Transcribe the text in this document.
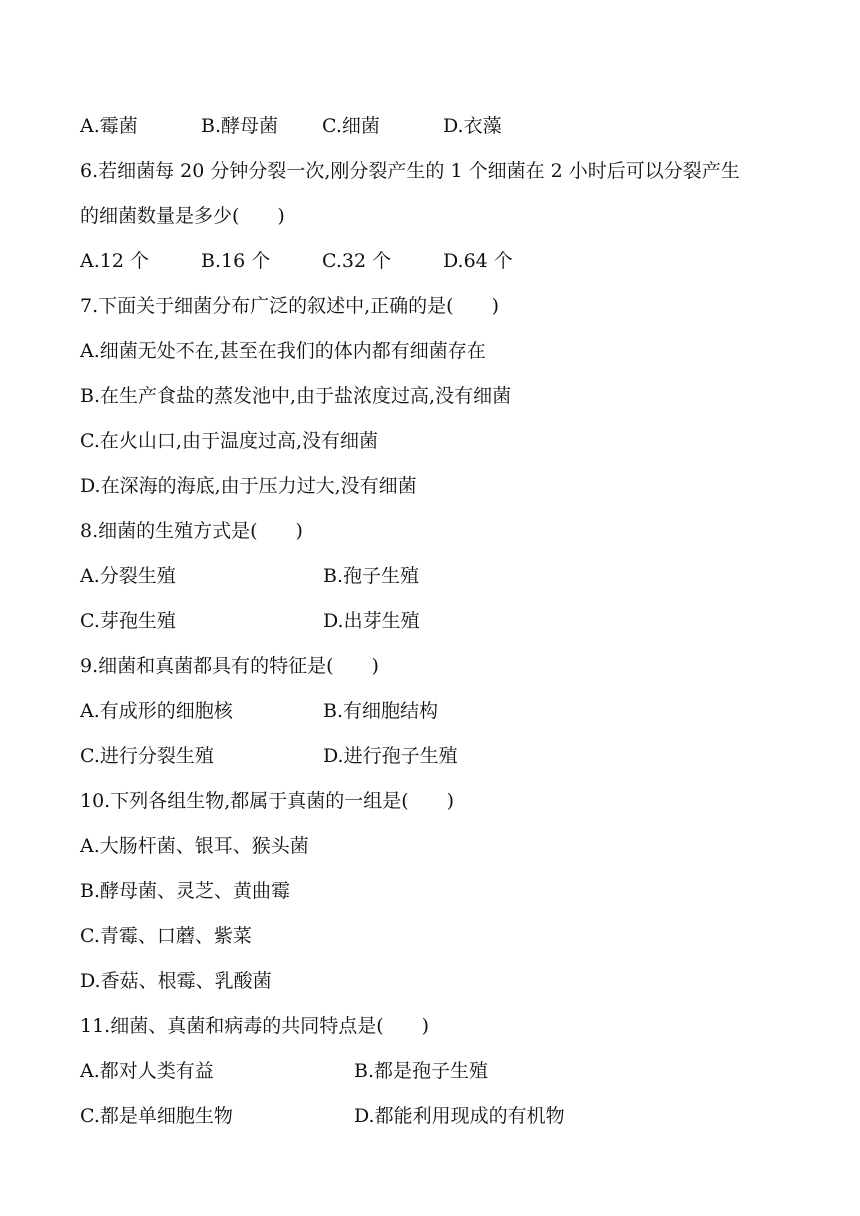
A.霉菌	B.酵母菌 C.细菌	D.衣藻
6.若细菌每 20 分钟分裂一次,刚分裂产生的 1 个细菌在 2 小时后可以分裂产生
的细菌数量是多少(　　)
A.12 个	B.16 个	C.32 个	D.64 个
7.下面关于细菌分布广泛的叙述中,正确的是(　　)
A.细菌无处不在,甚至在我们的体内都有细菌存在
B.在生产食盐的蒸发池中,由于盐浓度过高,没有细菌
C.在火山口,由于温度过高,没有细菌
D.在深海的海底,由于压力过大,没有细菌
8.细菌的生殖方式是(　　)
A.分裂生殖	B.孢子生殖
C.芽孢生殖	D.出芽生殖
9.细菌和真菌都具有的特征是(　　)
A.有成形的细胞核	B.有细胞结构
C.进行分裂生殖	D.进行孢子生殖
10.下列各组生物,都属于真菌的一组是(　　)
A.大肠杆菌、银耳、猴头菌
B.酵母菌、灵芝、黄曲霉
C.青霉、口蘑、紫菜
D.香菇、根霉、乳酸菌
11.细菌、真菌和病毒的共同特点是(　　)
A.都对人类有益	B.都是孢子生殖
C.都是单细胞生物	D.都能利用现成的有机物
